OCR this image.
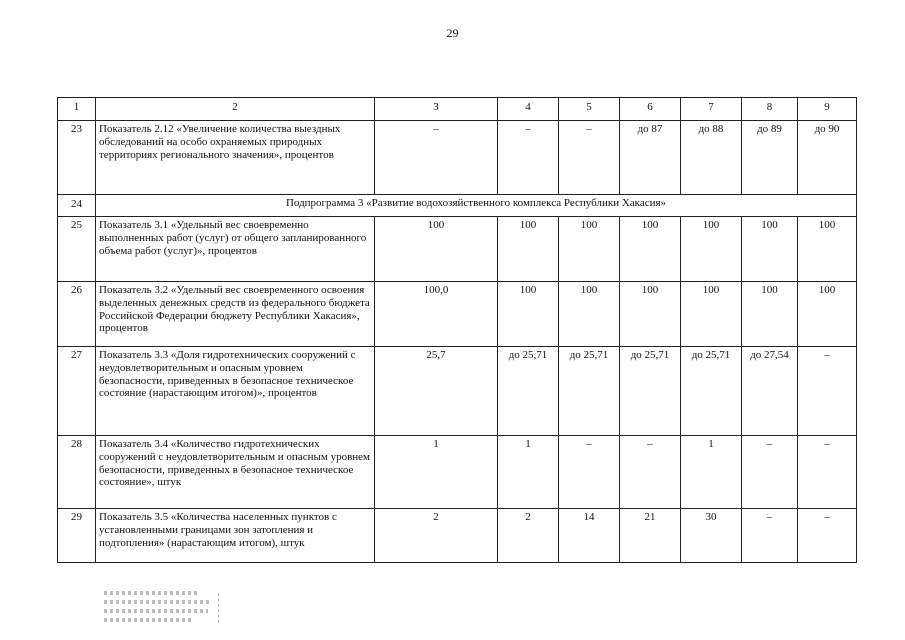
29
1	2	3	4	5	6	7	8	9
23	Показатель 2.12 «Увеличение количества выездных обследований на особо охраняемых природных территориях регионального значения», процентов	–	–	–	до 87	до 88	до 89	до 90
24	Подпрограмма 3 «Развитие водохозяйственного комплекса Республики Хакасия»							
25	Показатель 3.1 «Удельный вес своевременно выполненных работ (услуг) от общего запланированного объема работ (услуг)», процентов	100	100	100	100	100	100	100
26	Показатель 3.2 «Удельный вес своевременного освоения выделенных денежных средств из федерального бюджета Российской Федерации бюджету Республики Хакасия», процентов	100,0	100	100	100	100	100	100
27	Показатель 3.3 «Доля гидротехнических сооружений с неудовлетворительным и опасным уровнем безопасности, приведенных в безопасное техническое состояние (нарастающим итогом)», процентов	25,7	до 25,71	до 25,71	до 25,71	до 25,71	до 27,54	–
28	Показатель 3.4 «Количество гидротехнических сооружений с неудовлетворительным и опасным уровнем безопасности, приведенных в безопасное техническое состояние», штук	1	1	–	–	1	–	–
29	Показатель 3.5 «Количества населенных пунктов с установленными границами зон затопления и подтопления» (нарастающим итогом), штук	2	2	14	21	30	–	–
